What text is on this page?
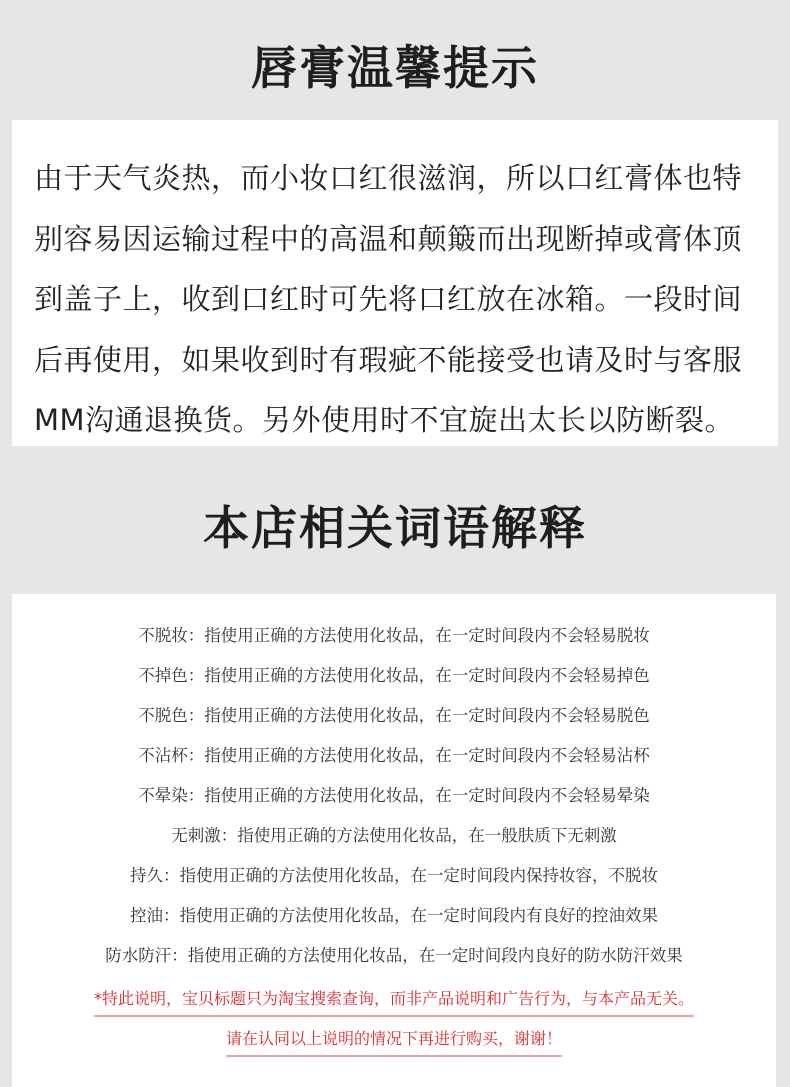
唇膏温馨提示

由于天气炎热，而小妆口红很滋润，所以口红膏体也特别容易因运输过程中的高温和颠簸而出现断掉或膏体顶到盖子上，收到口红时可先将口红放在冰箱。一段时间后再使用，如果收到时有瑕疵不能接受也请及时与客服MM沟通退换货。另外使用时不宜旋出太长以防断裂。

本店相关词语解释
不脱妆：指使用正确的方法使用化妆品，在一定时间段内不会轻易脱妆
不掉色：指使用正确的方法使用化妆品，在一定时间段内不会轻易掉色
不脱色：指使用正确的方法使用化妆品，在一定时间段内不会轻易脱色
不沾杯：指使用正确的方法使用化妆品，在一定时间段内不会轻易沾杯
不晕染：指使用正确的方法使用化妆品，在一定时间段内不会轻易晕染
无刺激：指使用正确的方法使用化妆品，在一般肤质下无刺激
持久：指使用正确的方法使用化妆品，在一定时间段内保持妆容，不脱妆
控油：指使用正确的方法使用化妆品，在一定时间段内有良好的控油效果
防水防汗：指使用正确的方法使用化妆品，在一定时间段内良好的防水防汗效果
*特此说明，宝贝标题只为淘宝搜索查询，而非产品说明和广告行为，与本产品无关。
请在认同以上说明的情况下再进行购买，谢谢！
